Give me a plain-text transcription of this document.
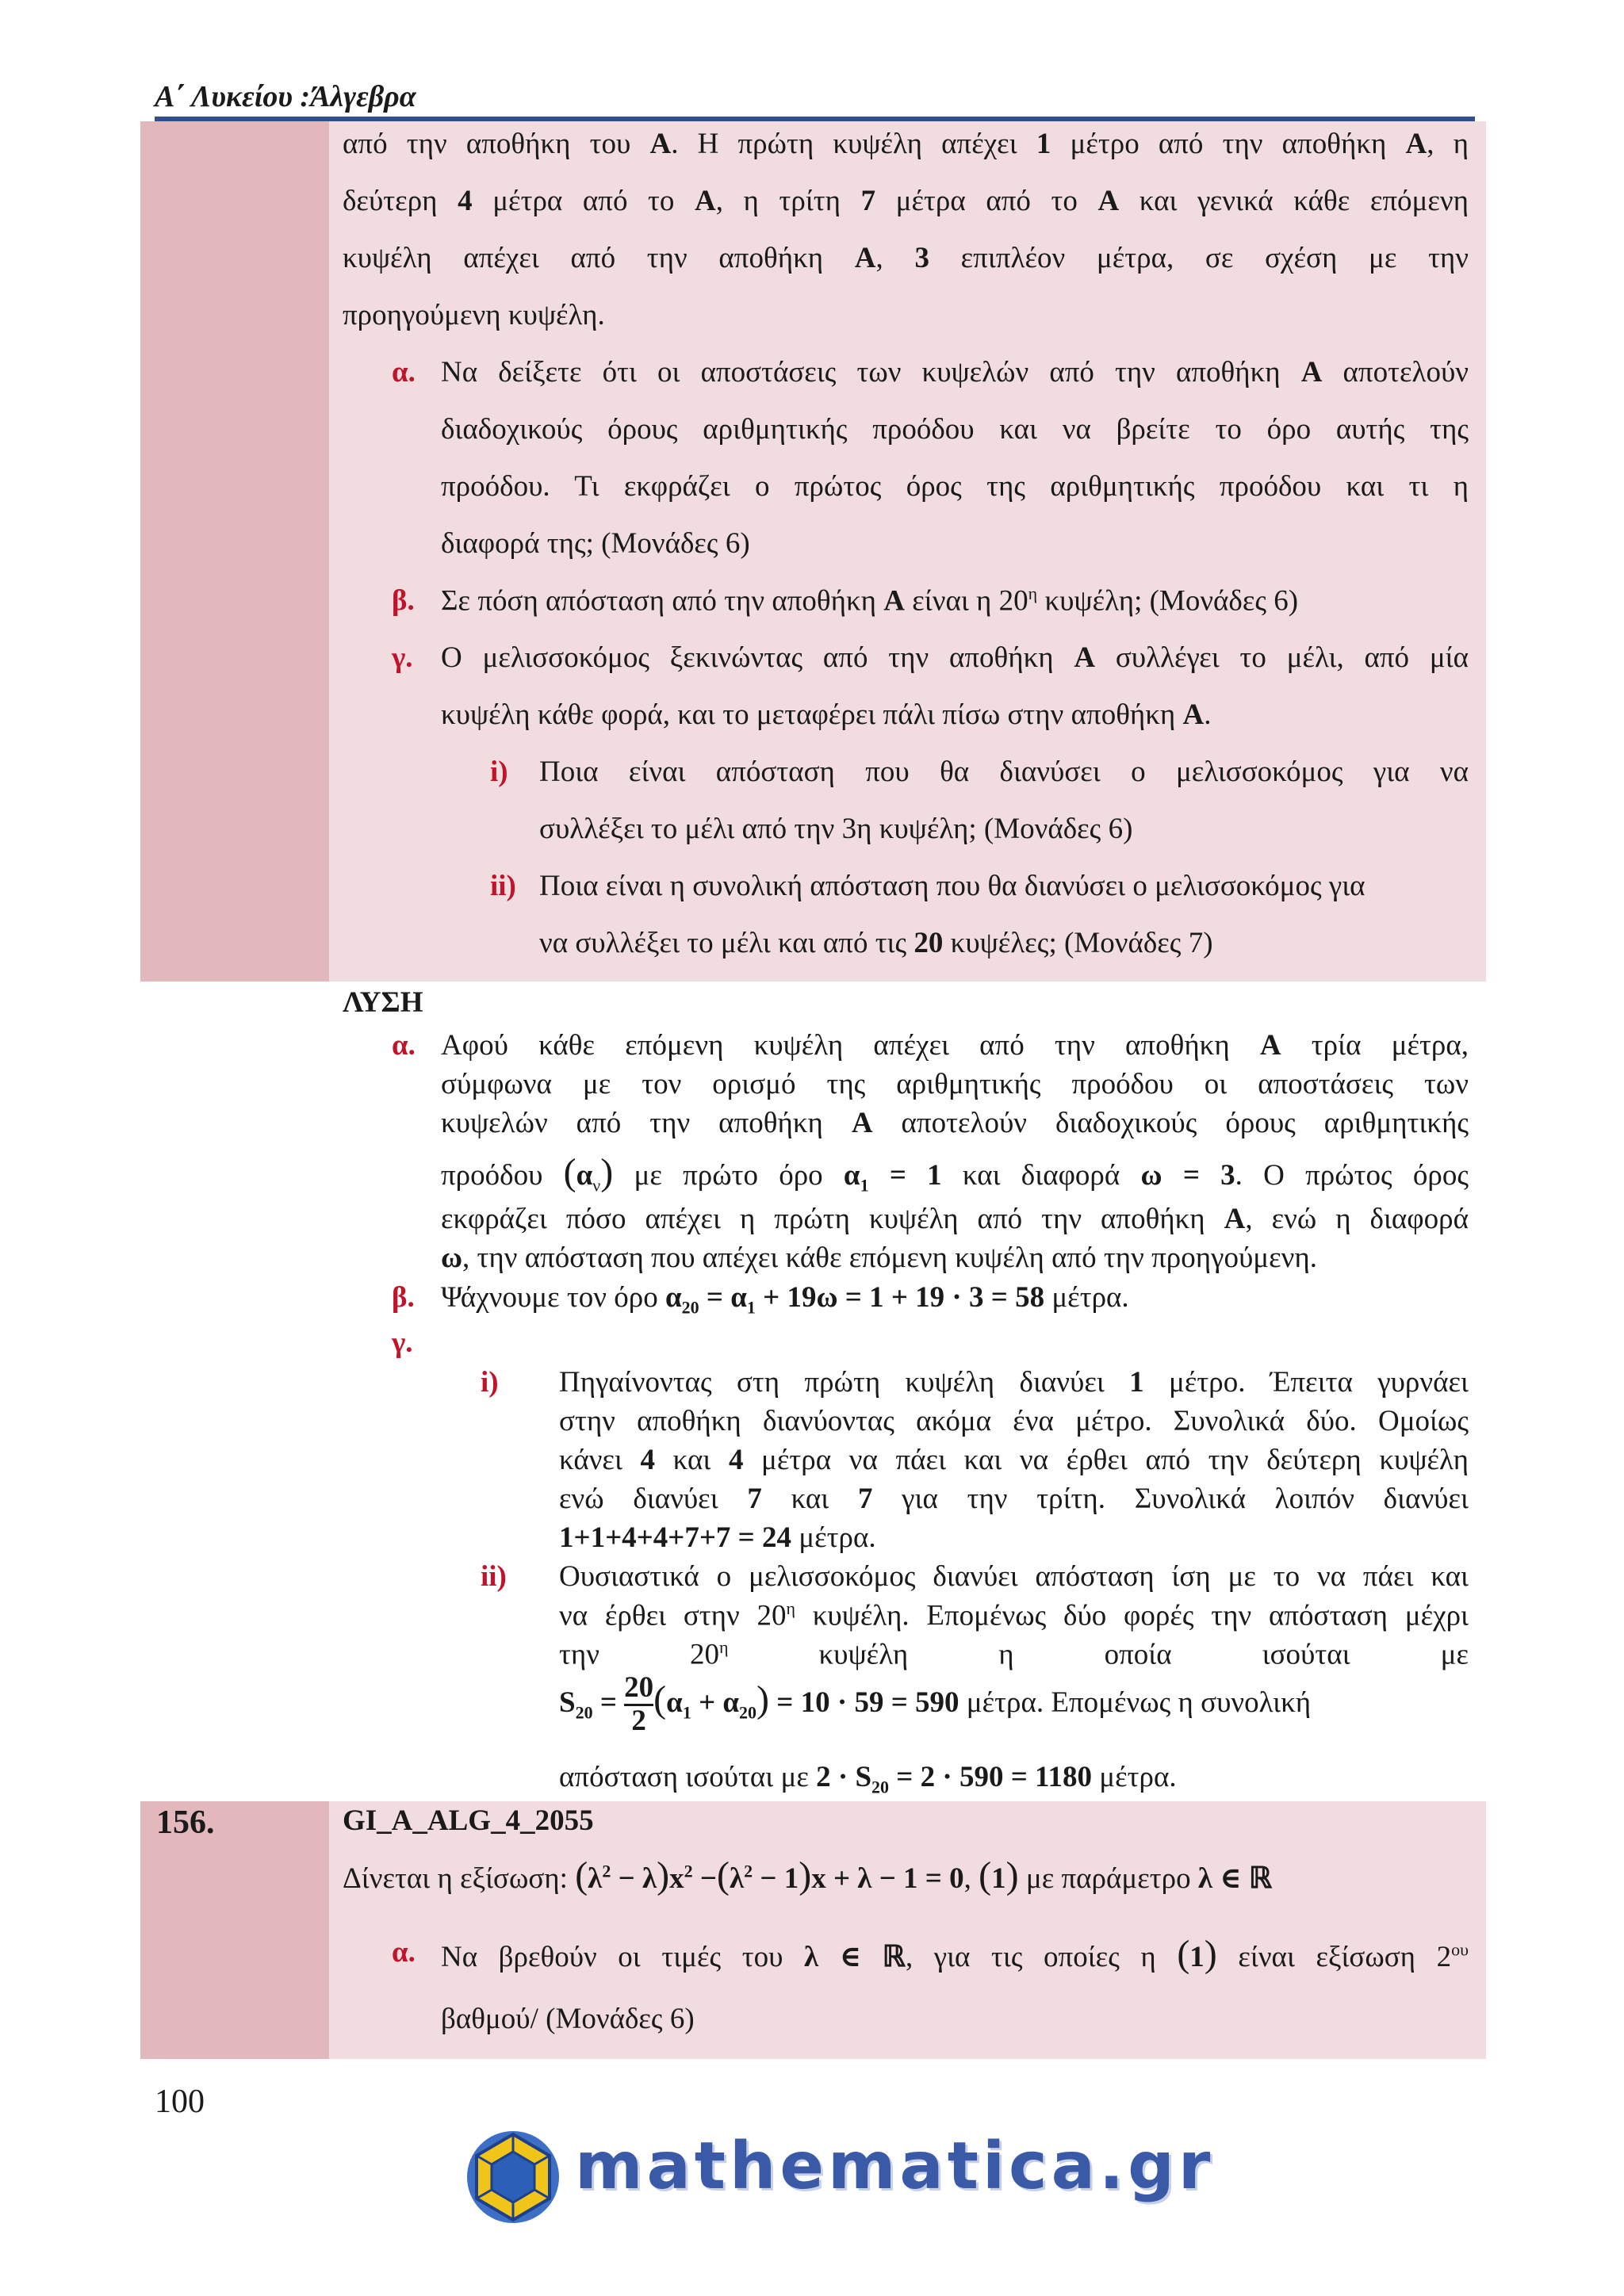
Α΄ Λυκείου :Άλγεβρα
από την αποθήκη του Α. Η πρώτη κυψέλη απέχει 1 μέτρο από την αποθήκη Α, η
δεύτερη 4 μέτρα από το Α, η τρίτη 7 μέτρα από το Α και γενικά κάθε επόμενη
κυψέλη απέχει από την αποθήκη Α, 3 επιπλέον μέτρα, σε σχέση με την
προηγούμενη κυψέλη.
α. Να δείξετε ότι οι αποστάσεις των κυψελών από την αποθήκη Α αποτελούν
διαδοχικούς όρους αριθμητικής προόδου και να βρείτε το όρο αυτής της
προόδου. Τι εκφράζει ο πρώτος όρος της αριθμητικής προόδου και τι η
διαφορά της; (Μονάδες 6)
β. Σε πόση απόσταση από την αποθήκη Α είναι η $20^\eta$ κυψέλη; (Μονάδες 6)
γ. Ο μελισσοκόμος ξεκινώντας από την αποθήκη Α συλλέγει το μέλι, από μία
κυψέλη κάθε φορά, και το μεταφέρει πάλι πίσω στην αποθήκη Α.
i) Ποια είναι απόσταση που θα διανύσει ο μελισσοκόμος για να
συλλέξει το μέλι από την 3η κυψέλη; (Μονάδες 6)
ii) Ποια είναι η συνολική απόσταση που θα διανύσει ο μελισσοκόμος για
να συλλέξει το μέλι και από τις 20 κυψέλες; (Μονάδες 7)
ΛΥΣΗ
α. Αφού κάθε επόμενη κυψέλη απέχει από την αποθήκη Α τρία μέτρα,
σύμφωνα με τον ορισμό της αριθμητικής προόδου οι αποστάσεις των
κυψελών από την αποθήκη Α αποτελούν διαδοχικούς όρους αριθμητικής
προόδου $(\alpha_\nu)$ με πρώτο όρο $\alpha_1 = 1$ και διαφορά ω = 3. Ο πρώτος όρος
εκφράζει πόσο απέχει η πρώτη κυψέλη από την αποθήκη Α, ενώ η διαφορά
ω, την απόσταση που απέχει κάθε επόμενη κυψέλη από την προηγούμενη.
β. Ψάχνουμε τον όρο $\alpha_{20} = \alpha_1 + 19\omega = 1 + 19 \cdot 3 = 58$ μέτρα.
γ.
i) Πηγαίνοντας στη πρώτη κυψέλη διανύει 1 μέτρο. Έπειτα γυρνάει
στην αποθήκη διανύοντας ακόμα ένα μέτρο. Συνολικά δύο. Ομοίως
κάνει 4 και 4 μέτρα να πάει και να έρθει από την δεύτερη κυψέλη
ενώ διανύει 7 και 7 για την τρίτη. Συνολικά λοιπόν διανύει
1+1+4+4+7+7 = 24 μέτρα.
ii) Ουσιαστικά ο μελισσοκόμος διανύει απόσταση ίση με το να πάει και
να έρθει στην $20^\eta$ κυψέλη. Επομένως δύο φορές την απόσταση μέχρι
την $20^\eta$ κυψέλη η οποία ισούται με
$S_{20} = \frac{20}{2} (\alpha_1 + \alpha_{20}) = 10 \cdot 59 = 590$ μέτρα. Επομένως η συνολική
απόσταση ισούται με $2 \cdot S_{20} = 2 \cdot 590 = 1180$ μέτρα.
156.	GI_A_ALG_4_2055
Δίνεται η εξίσωση: $(\lambda^2 - \lambda)x^2 -(\lambda^2 - 1)x + \lambda - 1 = 0$, (1) με παράμετρο λ ∈ ℝ
α. Να βρεθούν οι τιμές του λ ∈ ℝ, για τις οποίες η (1) είναι εξίσωση $2^{o\upsilon}$
βαθμού/ (Μονάδες 6)
100
mathematica.gr
